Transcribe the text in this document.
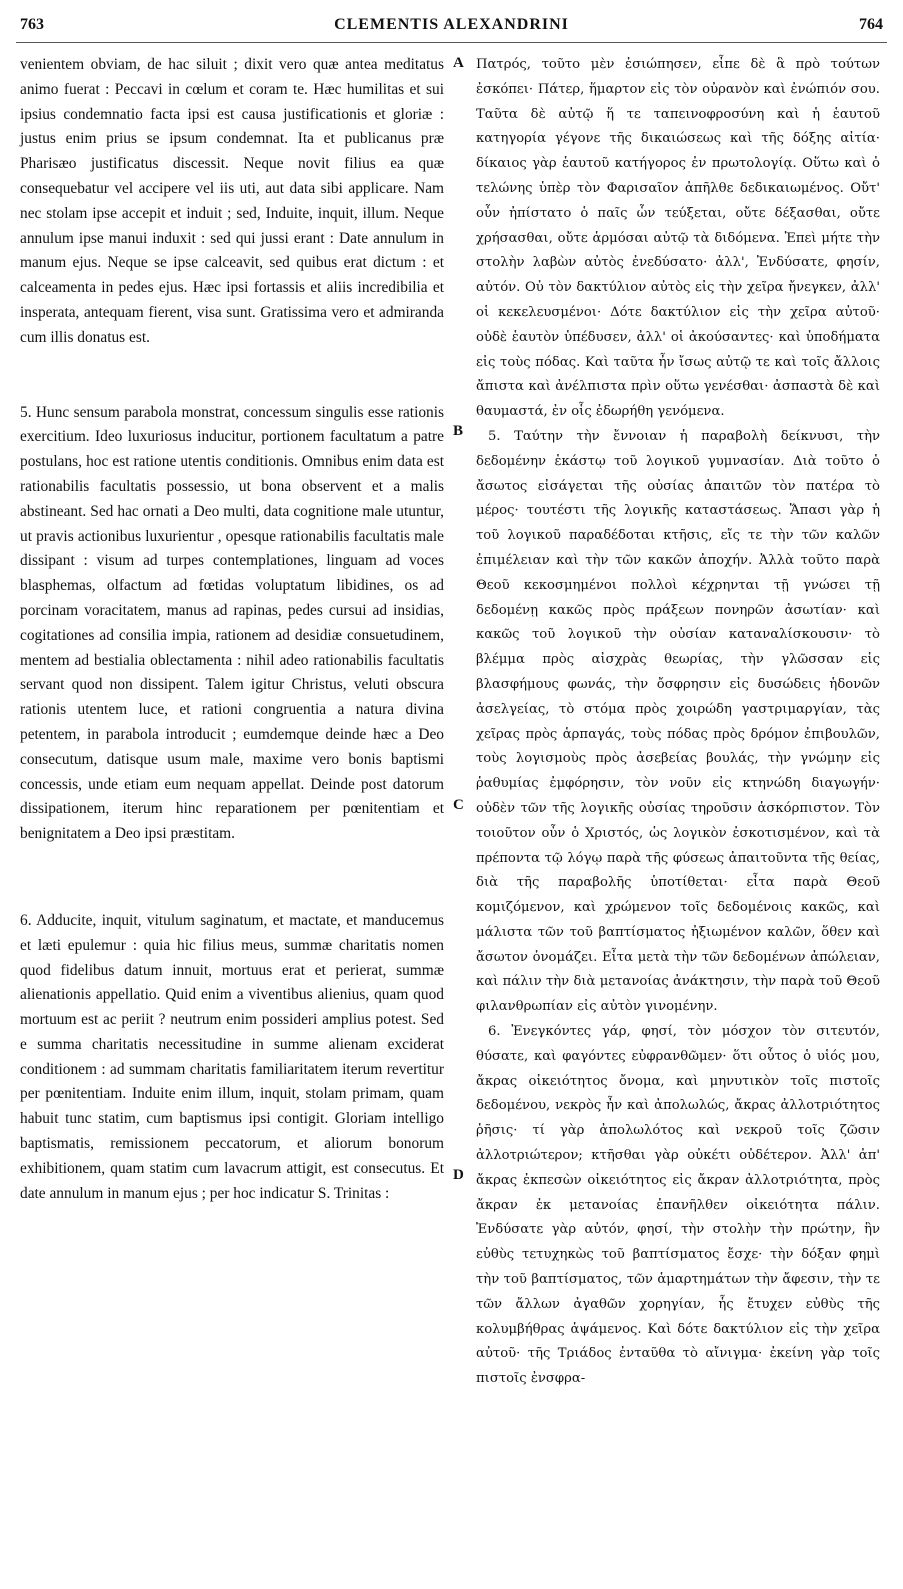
763	CLEMENTIS ALEXANDRINI	764

venientem obviam, de hac siluit ; dixit vero quæ antea meditatus animo fuerat : Peccavi in cœlum et coram te. Hæc humilitas et sui ipsius condemnatio facta ipsi est causa justificationis et gloriæ : justus enim prius se ipsum condemnat. Ita et publicanus præ Pharisæo justificatus discessit. Neque novit filius ea quæ consequebatur vel accipere vel iis uti, aut data sibi applicare. Nam nec stolam ipse accepit et induit ; sed, Induite, inquit, illum. Neque annulum ipse manui induxit : sed qui jussi erant : Date annulum in manum ejus. Neque se ipse calceavit, sed quibus erat dictum : et calceamenta in pedes ejus. Hæc ipsi fortassis et aliis incredibilia et insperata, antequam fierent, visa sunt. Gratissima vero et admiranda cum illis donatus est.

5. Hunc sensum parabola monstrat, concessum singulis esse rationis exercitium. Ideo luxuriosus inducitur, portionem facultatum a patre postulans, hoc est ratione utentis conditionis. Omnibus enim data est rationabilis facultatis possessio, ut bona observent et a malis abstineant. Sed hac ornati a Deo multi, data cognitione male utuntur, ut pravis actionibus luxurientur , opesque rationabilis facultatis male dissipant : visum ad turpes contemplationes, linguam ad voces blasphemas, olfactum ad fœtidas voluptatum libidines, os ad porcinam voracitatem, manus ad rapinas, pedes cursui ad insidias, cogitationes ad consilia impia, rationem ad desidiæ consuetudinem, mentem ad bestialia oblectamenta : nihil adeo rationabilis facultatis servant quod non dissipent. Talem igitur Christus, veluti obscura rationis utentem luce, et rationi congruentia a natura divina petentem, in parabola introducit ; eumdemque deinde hæc a Deo consecutum, datisque usum male, maxime vero bonis baptismi concessis, unde etiam eum nequam appellat. Deinde post datorum dissipationem, iterum hinc reparationem per pœnitentiam et benignitatem a Deo ipsi præstitam.

6. Adducite, inquit, vitulum saginatum, et mactate, et manducemus et læti epulemur : quia hic filius meus, summæ charitatis nomen quod fidelibus datum innuit, mortuus erat et perierat, summæ alienationis appellatio. Quid enim a viventibus alienius, quam quod mortuum est ac periit ? neutrum enim possideri amplius potest. Sed e summa charitatis necessitudine in summe alienam exciderat conditionem : ad summam charitatis familiaritatem iterum revertitur per pœnitentiam. Induite enim illum, inquit, stolam primam, quam habuit tunc statim, cum baptismus ipsi contigit. Gloriam intelligo baptismatis, remissionem peccatorum, et aliorum bonorum exhibitionem, quam statim cum lavacrum attigit, est consecutus. Et date annulum in manum ejus ; per hoc indicatur S. Trinitas :

A
B
C
D

Πατρός, τοῦτο μὲν ἐσιώπησεν, εἶπε δὲ ἃ πρὸ τούτων ἐσκόπει· Πάτερ, ἥμαρτον εἰς τὸν οὐρανὸν καὶ ἐνώπιόν σου. Ταῦτα δὲ αὐτῷ ἥ τε ταπεινοφροσύνη καὶ ἡ ἑαυτοῦ κατηγορία γέγονε τῆς δικαιώσεως καὶ τῆς δόξης αἰτία· δίκαιος γὰρ ἑαυτοῦ κατήγορος ἐν πρωτολογίᾳ. Οὕτω καὶ ὁ τελώνης ὑπὲρ τὸν Φαρισαῖον ἀπῆλθε δεδικαιωμένος. Οὔτ' οὖν ἠπίστατο ὁ παῖς ὧν τεύξεται, οὔτε δέξασθαι, οὔτε χρήσασθαι, οὔτε ἁρμόσαι αὐτῷ τὰ διδόμενα. Ἐπεὶ μήτε τὴν στολὴν λαβὼν αὐτὸς ἐνεδύσατο· ἀλλ', Ἐνδύσατε, φησίν, αὐτόν. Οὐ τὸν δακτύλιον αὐτὸς εἰς τὴν χεῖρα ἤνεγκεν, ἀλλ' οἱ κεκελευσμένοι· Δότε δακτύλιον εἰς τὴν χεῖρα αὐτοῦ· οὐδὲ ἑαυτὸν ὑπέδυσεν, ἀλλ' οἱ ἀκούσαντες· καὶ ὑποδήματα εἰς τοὺς πόδας. Καὶ ταῦτα ἦν ἴσως αὐτῷ τε καὶ τοῖς ἄλλοις ἄπιστα καὶ ἀνέλπιστα πρὶν οὕτω γενέσθαι· ἀσπαστὰ δὲ καὶ θαυμαστά, ἐν οἷς ἐδωρήθη γενόμενα.

5. Ταύτην τὴν ἔννοιαν ἡ παραβολὴ δείκνυσι, τὴν δεδομένην ἑκάστῳ τοῦ λογικοῦ γυμνασίαν. Διὰ τοῦτο ὁ ἄσωτος εἰσάγεται τῆς οὐσίας ἀπαιτῶν τὸν πατέρα τὸ μέρος· τουτέστι τῆς λογικῆς καταστάσεως. Ἅπασι γὰρ ἡ τοῦ λογικοῦ παραδέδοται κτῆσις, εἴς τε τὴν τῶν καλῶν ἐπιμέλειαν καὶ τὴν τῶν κακῶν ἀποχήν. Ἀλλὰ τοῦτο παρὰ Θεοῦ κεκοσμημένοι πολλοὶ κέχρηνται τῇ γνώσει τῇ δεδομένῃ κακῶς πρὸς πράξεων πονηρῶν ἀσωτίαν· καὶ κακῶς τοῦ λογικοῦ τὴν οὐσίαν καταναλίσκουσιν· τὸ βλέμμα πρὸς αἰσχρὰς θεωρίας, τὴν γλῶσσαν εἰς βλασφήμους φωνάς, τὴν ὄσφρησιν εἰς δυσώδεις ἡδονῶν ἀσελγείας, τὸ στόμα πρὸς χοιρώδη γαστριμαργίαν, τὰς χεῖρας πρὸς ἁρπαγάς, τοὺς πόδας πρὸς δρόμον ἐπιβουλῶν, τοὺς λογισμοὺς πρὸς ἀσεβείας βουλάς, τὴν γνώμην εἰς ῥαθυμίας ἐμφόρησιν, τὸν νοῦν εἰς κτηνώδη διαγωγήν· οὐδὲν τῶν τῆς λογικῆς οὐσίας τηροῦσιν ἀσκόρπιστον. Τὸν τοιοῦτον οὖν ὁ Χριστός, ὡς λογικὸν ἐσκοτισμένον, καὶ τὰ πρέποντα τῷ λόγῳ παρὰ τῆς φύσεως ἀπαιτοῦντα τῆς θείας, διὰ τῆς παραβολῆς ὑποτίθεται· εἶτα παρὰ Θεοῦ κομιζόμενον, καὶ χρώμενον τοῖς δεδομένοις κακῶς, καὶ μάλιστα τῶν τοῦ βαπτίσματος ἠξιωμένον καλῶν, ὅθεν καὶ ἄσωτον ὀνομάζει. Εἶτα μετὰ τὴν τῶν δεδομένων ἀπώλειαν, καὶ πάλιν τὴν διὰ μετανοίας ἀνάκτησιν, τὴν παρὰ τοῦ Θεοῦ φιλανθρωπίαν εἰς αὐτὸν γινομένην.

6. Ἐνεγκόντες γάρ, φησί, τὸν μόσχον τὸν σιτευτόν, θύσατε, καὶ φαγόντες εὐφρανθῶμεν· ὅτι οὗτος ὁ υἱός μου, ἄκρας οἰκειότητος ὄνομα, καὶ μηνυτικὸν τοῖς πιστοῖς δεδομένου, νεκρὸς ἦν καὶ ἀπολωλώς, ἄκρας ἀλλοτριότητος ῥῆσις· τί γὰρ ἀπολωλότος καὶ νεκροῦ τοῖς ζῶσιν ἀλλοτριώτερον; κτῆσθαι γὰρ οὐκέτι οὐδέτερον. Ἀλλ' ἀπ' ἄκρας ἐκπεσὼν οἰκειότητος εἰς ἄκραν ἀλλοτριότητα, πρὸς ἄκραν ἐκ μετανοίας ἐπανῆλθεν οἰκειότητα πάλιν. Ἐνδύσατε γὰρ αὐτόν, φησί, τὴν στολὴν τὴν πρώτην, ἣν εὐθὺς τετυχηκὼς τοῦ βαπτίσματος ἔσχε· τὴν δόξαν φημὶ τὴν τοῦ βαπτίσματος, τῶν ἁμαρτημάτων τὴν ἄφεσιν, τὴν τε τῶν ἄλλων ἀγαθῶν χορηγίαν, ἧς ἔτυχεν εὐθὺς τῆς κολυμβήθρας ἁψάμενος. Καὶ δότε δακτύλιον εἰς τὴν χεῖρα αὐτοῦ· τῆς Τριάδος ἐνταῦθα τὸ αἴνιγμα· ἐκείνη γὰρ τοῖς πιστοῖς ἐνσφρα-
